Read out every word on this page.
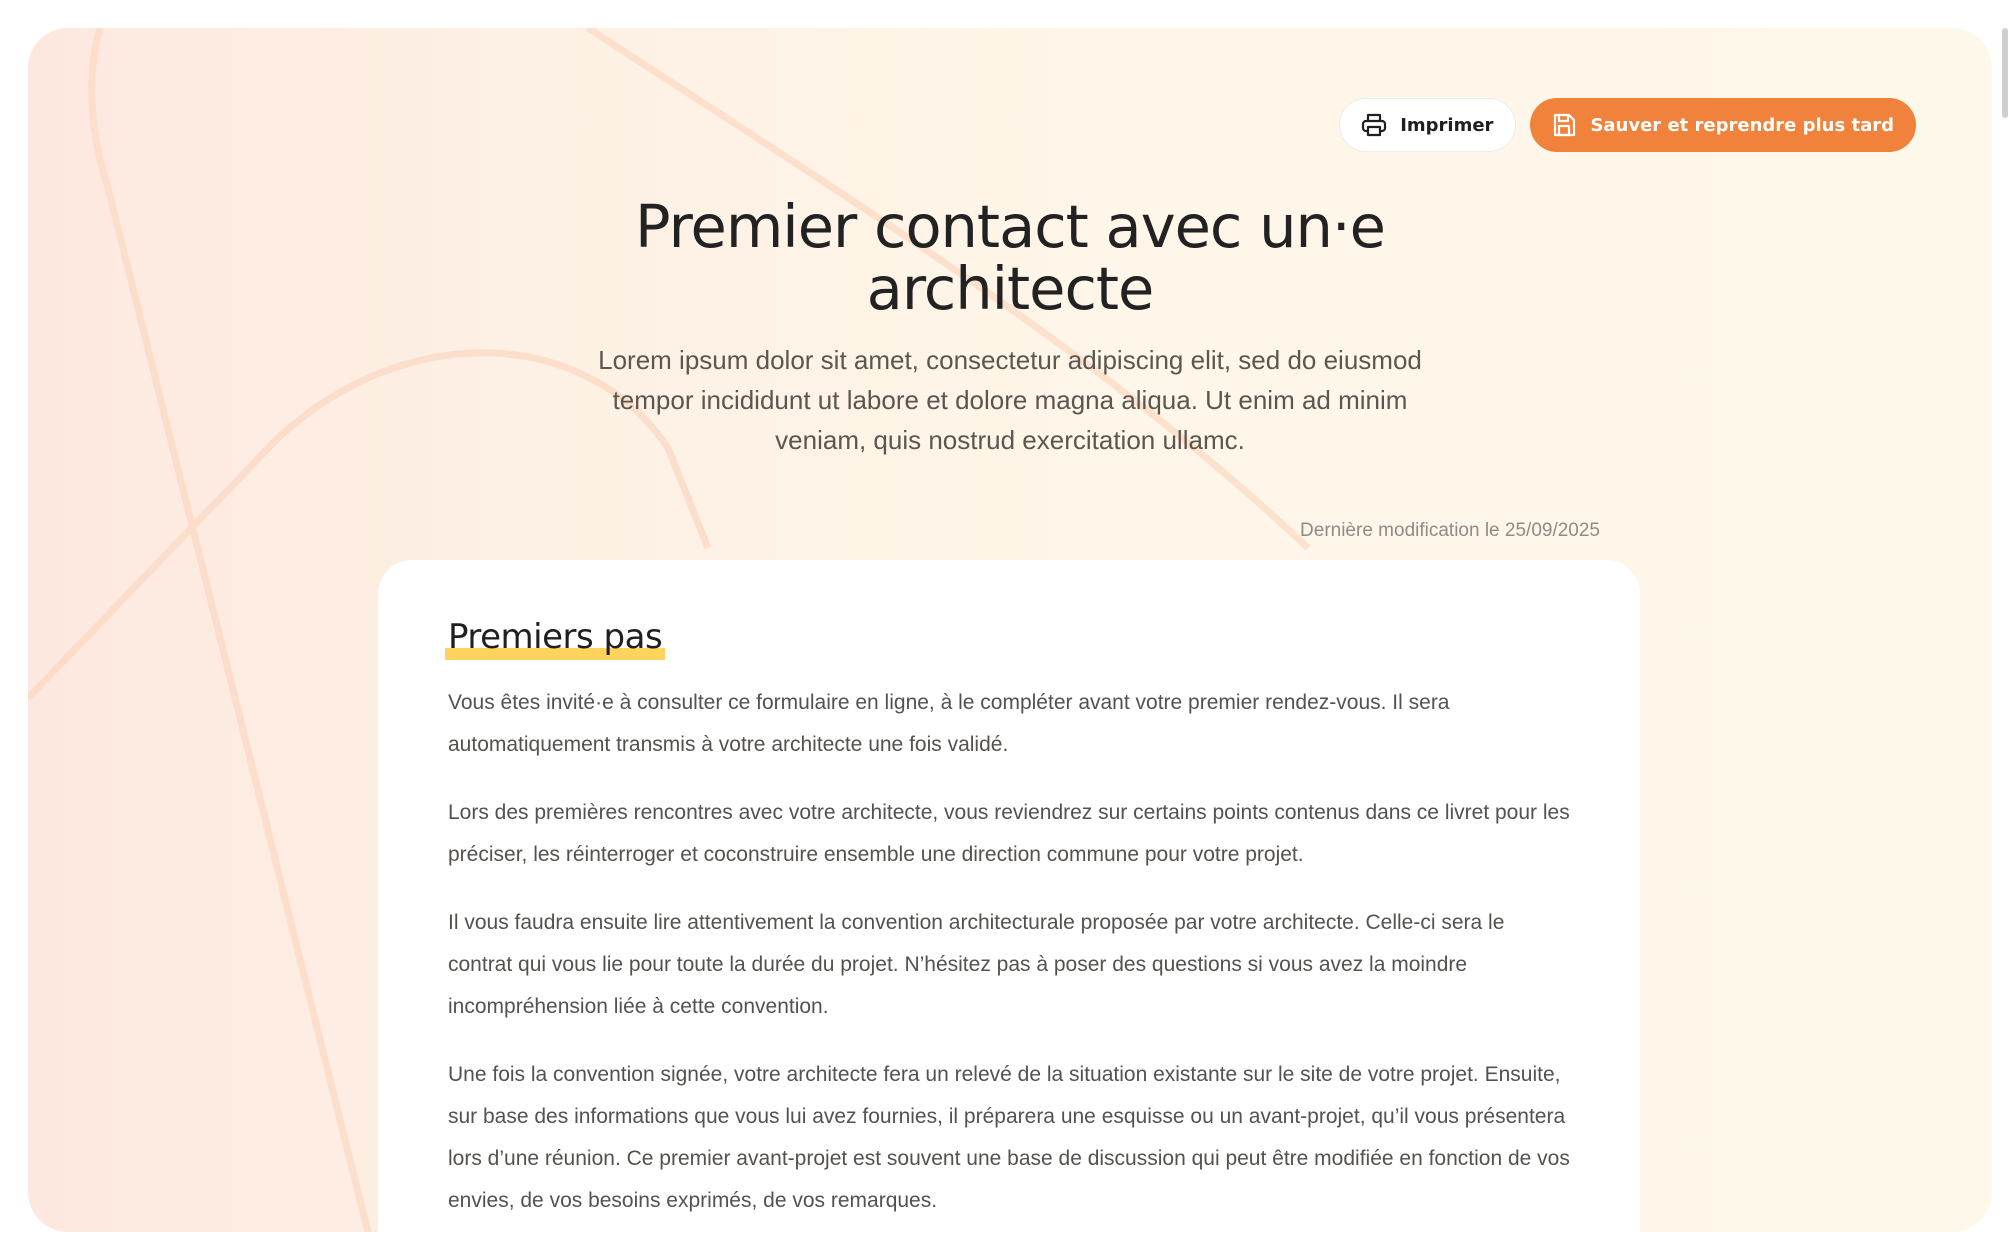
Imprimer	Sauver et reprendre plus tard
Premier contact avec un·e architecte

Lorem ipsum dolor sit amet, consectetur adipiscing elit, sed do eiusmod tempor incididunt ut labore et dolore magna aliqua. Ut enim ad minim veniam, quis nostrud exercitation ullamc.

Dernière modification le 25/09/2025
Premiers pas

Vous êtes invité·e à consulter ce formulaire en ligne, à le compléter avant votre premier rendez-vous. Il sera automatiquement transmis à votre architecte une fois validé.

Lors des premières rencontres avec votre architecte, vous reviendrez sur certains points contenus dans ce livret pour les préciser, les réinterroger et coconstruire ensemble une direction commune pour votre projet.

Il vous faudra ensuite lire attentivement la convention architecturale proposée par votre architecte. Celle-ci sera le contrat qui vous lie pour toute la durée du projet. N’hésitez pas à poser des questions si vous avez la moindre incompréhension liée à cette convention.

Une fois la convention signée, votre architecte fera un relevé de la situation existante sur le site de votre projet. Ensuite, sur base des informations que vous lui avez fournies, il préparera une esquisse ou un avant-projet, qu’il vous présentera lors d’une réunion. Ce premier avant-projet est souvent une base de discussion qui peut être modifiée en fonction de vos envies, de vos besoins exprimés, de vos remarques.
